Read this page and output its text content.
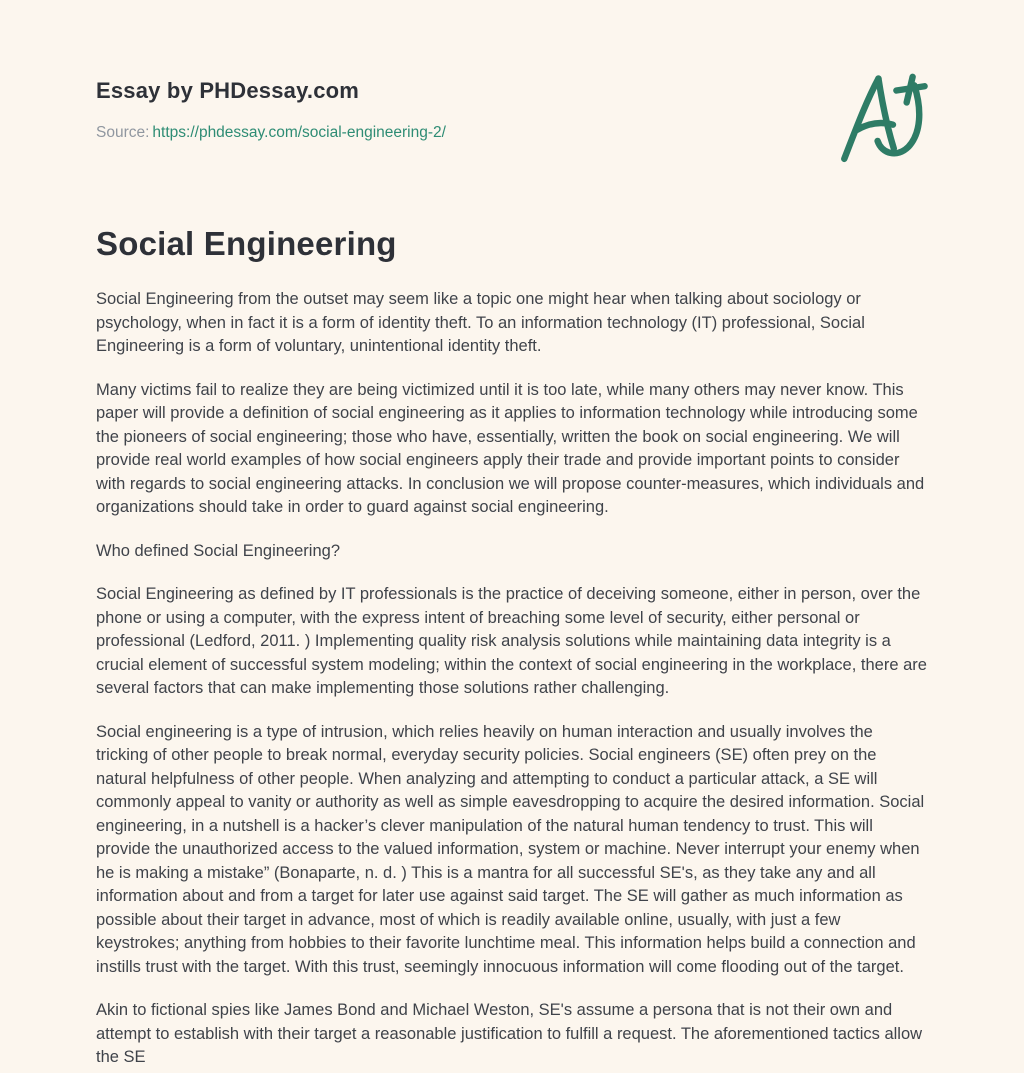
Essay by PHDessay.com
Source: https://phdessay.com/social-engineering-2/
Social Engineering

Social Engineering from the outset may seem like a topic one might hear when talking about sociology or psychology, when in fact it is a form of identity theft. To an information technology (IT) professional, Social Engineering is a form of voluntary, unintentional identity theft.

Many victims fail to realize they are being victimized until it is too late, while many others may never know. This paper will provide a definition of social engineering as it applies to information technology while introducing some the pioneers of social engineering; those who have, essentially, written the book on social engineering. We will provide real world examples of how social engineers apply their trade and provide important points to consider with regards to social engineering attacks. In conclusion we will propose counter-measures, which individuals and organizations should take in order to guard against social engineering.

Who defined Social Engineering?

Social Engineering as defined by IT professionals is the practice of deceiving someone, either in person, over the phone or using a computer, with the express intent of breaching some level of security, either personal or professional (Ledford, 2011. ) Implementing quality risk analysis solutions while maintaining data integrity is a crucial element of successful system modeling; within the context of social engineering in the workplace, there are several factors that can make implementing those solutions rather challenging.

Social engineering is a type of intrusion, which relies heavily on human interaction and usually involves the tricking of other people to break normal, everyday security policies. Social engineers (SE) often prey on the natural helpfulness of other people. When analyzing and attempting to conduct a particular attack, a SE will commonly appeal to vanity or authority as well as simple eavesdropping to acquire the desired information. Social engineering, in a nutshell is a hacker’s clever manipulation of the natural human tendency to trust. This will provide the unauthorized access to the valued information, system or machine. Never interrupt your enemy when he is making a mistake” (Bonaparte, n. d. ) This is a mantra for all successful SE's, as they take any and all information about and from a target for later use against said target. The SE will gather as much information as possible about their target in advance, most of which is readily available online, usually, with just a few keystrokes; anything from hobbies to their favorite lunchtime meal. This information helps build a connection and instills trust with the target. With this trust, seemingly innocuous information will come flooding out of the target.

Akin to fictional spies like James Bond and Michael Weston, SE's assume a persona that is not their own and attempt to establish with their target a reasonable justification to fulfill a request. The aforementioned tactics allow the SE
